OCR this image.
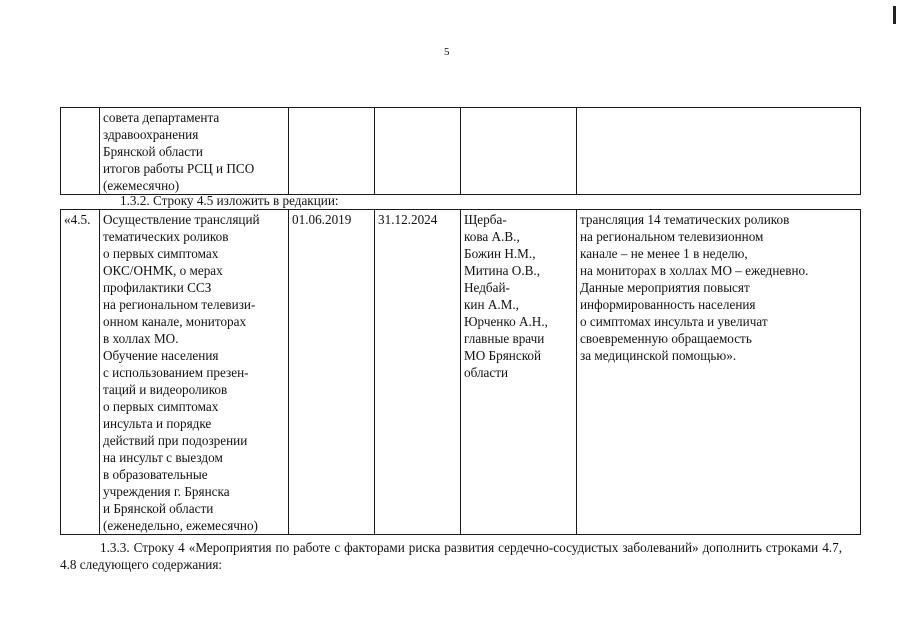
5
	совета департамента
здравоохранения
Брянской области
итогов работы РСЦ и ПСО
(ежемесячно)				
1.3.2. Строку 4.5 изложить в редакции:
«4.5.	Осуществление трансляций
тематических роликов
о первых симптомах
ОКС/ОНМК, о мерах
профилактики ССЗ
на региональном телевизи-
онном канале, мониторах
в холлах МО.
Обучение населения
с использованием презен-
таций и видеороликов
о первых симптомах
инсульта и порядке
действий при подозрении
на инсульт с выездом
в образовательные
учреждения г. Брянска
и Брянской области
(еженедельно, ежемесячно)	01.06.2019	31.12.2024	Щерба-
кова А.В.,
Божин Н.М.,
Митина О.В.,
Недбай-
кин А.М.,
Юрченко А.Н.,
главные врачи
МО Брянской
области	трансляция 14 тематических роликов
на региональном телевизионном
канале – не менее 1 в неделю,
на мониторах в холлах МО – ежедневно.
Данные мероприятия повысят
информированность населения
о симптомах инсульта и увеличат
своевременную обращаемость
за медицинской помощью».
1.3.3. Строку 4 «Мероприятия по работе с факторами риска развития сердечно-сосудистых заболеваний» дополнить строками 4.7, 4.8 следующего содержания:
